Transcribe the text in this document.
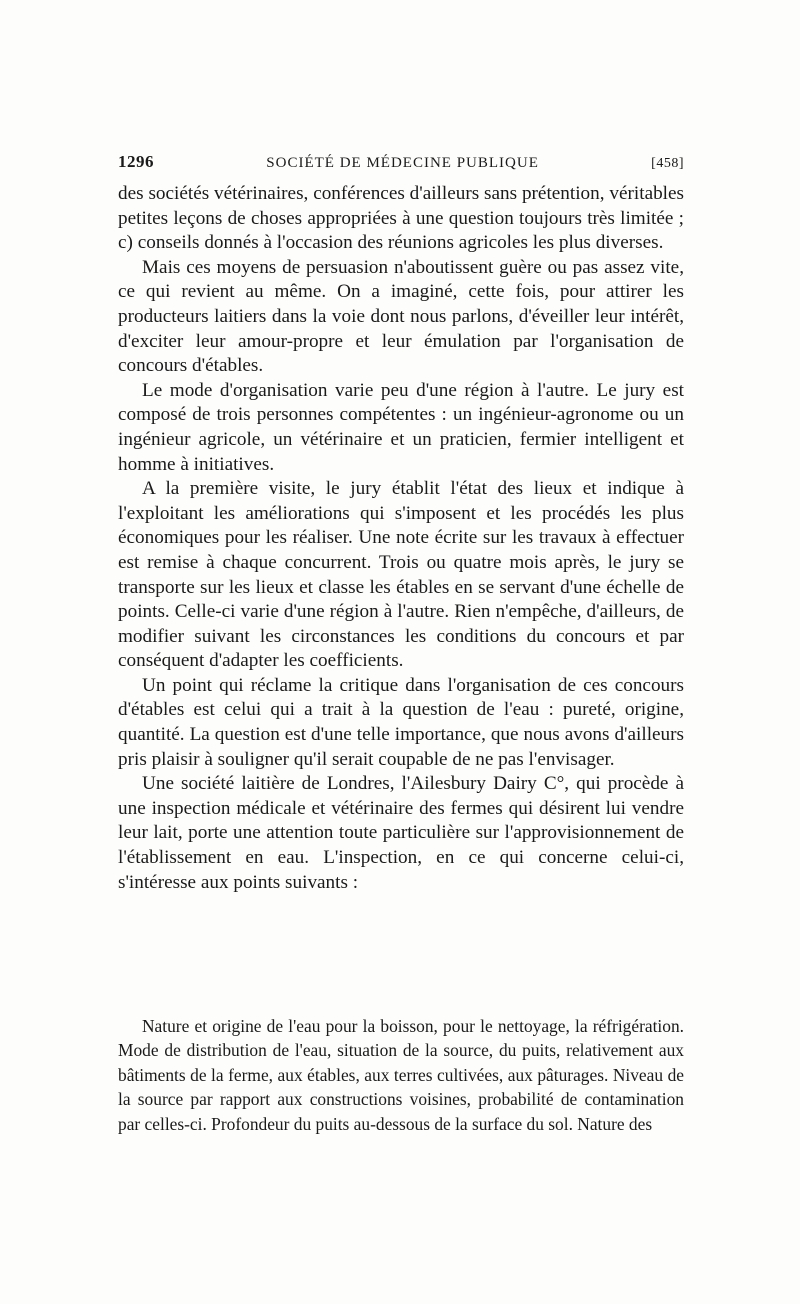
1296	SOCIÉTÉ DE MÉDECINE PUBLIQUE	[458]

des sociétés vétérinaires, conférences d'ailleurs sans prétention, véritables petites leçons de choses appropriées à une question toujours très limitée ; c) conseils donnés à l'occasion des réunions agricoles les plus diverses.

Mais ces moyens de persuasion n'aboutissent guère ou pas assez vite, ce qui revient au même. On a imaginé, cette fois, pour attirer les producteurs laitiers dans la voie dont nous parlons, d'éveiller leur intérêt, d'exciter leur amour-propre et leur émulation par l'organisation de concours d'étables.

Le mode d'organisation varie peu d'une région à l'autre. Le jury est composé de trois personnes compétentes : un ingénieur-agronome ou un ingénieur agricole, un vétérinaire et un praticien, fermier intelligent et homme à initiatives.

A la première visite, le jury établit l'état des lieux et indique à l'exploitant les améliorations qui s'imposent et les procédés les plus économiques pour les réaliser. Une note écrite sur les travaux à effectuer est remise à chaque concurrent. Trois ou quatre mois après, le jury se transporte sur les lieux et classe les étables en se servant d'une échelle de points. Celle-ci varie d'une région à l'autre. Rien n'empêche, d'ailleurs, de modifier suivant les circonstances les conditions du concours et par conséquent d'adapter les coefficients.

Un point qui réclame la critique dans l'organisation de ces concours d'étables est celui qui a trait à la question de l'eau : pureté, origine, quantité. La question est d'une telle importance, que nous avons d'ailleurs pris plaisir à souligner qu'il serait coupable de ne pas l'envisager.

Une société laitière de Londres, l'Ailesbury Dairy C°, qui procède à une inspection médicale et vétérinaire des fermes qui désirent lui vendre leur lait, porte une attention toute particulière sur l'approvisionnement de l'établissement en eau. L'inspection, en ce qui concerne celui-ci, s'intéresse aux points suivants :

Nature et origine de l'eau pour la boisson, pour le nettoyage, la réfrigération. Mode de distribution de l'eau, situation de la source, du puits, relativement aux bâtiments de la ferme, aux étables, aux terres cultivées, aux pâturages. Niveau de la source par rapport aux constructions voisines, probabilité de contamination par celles-ci. Profondeur du puits au-dessous de la surface du sol. Nature des
